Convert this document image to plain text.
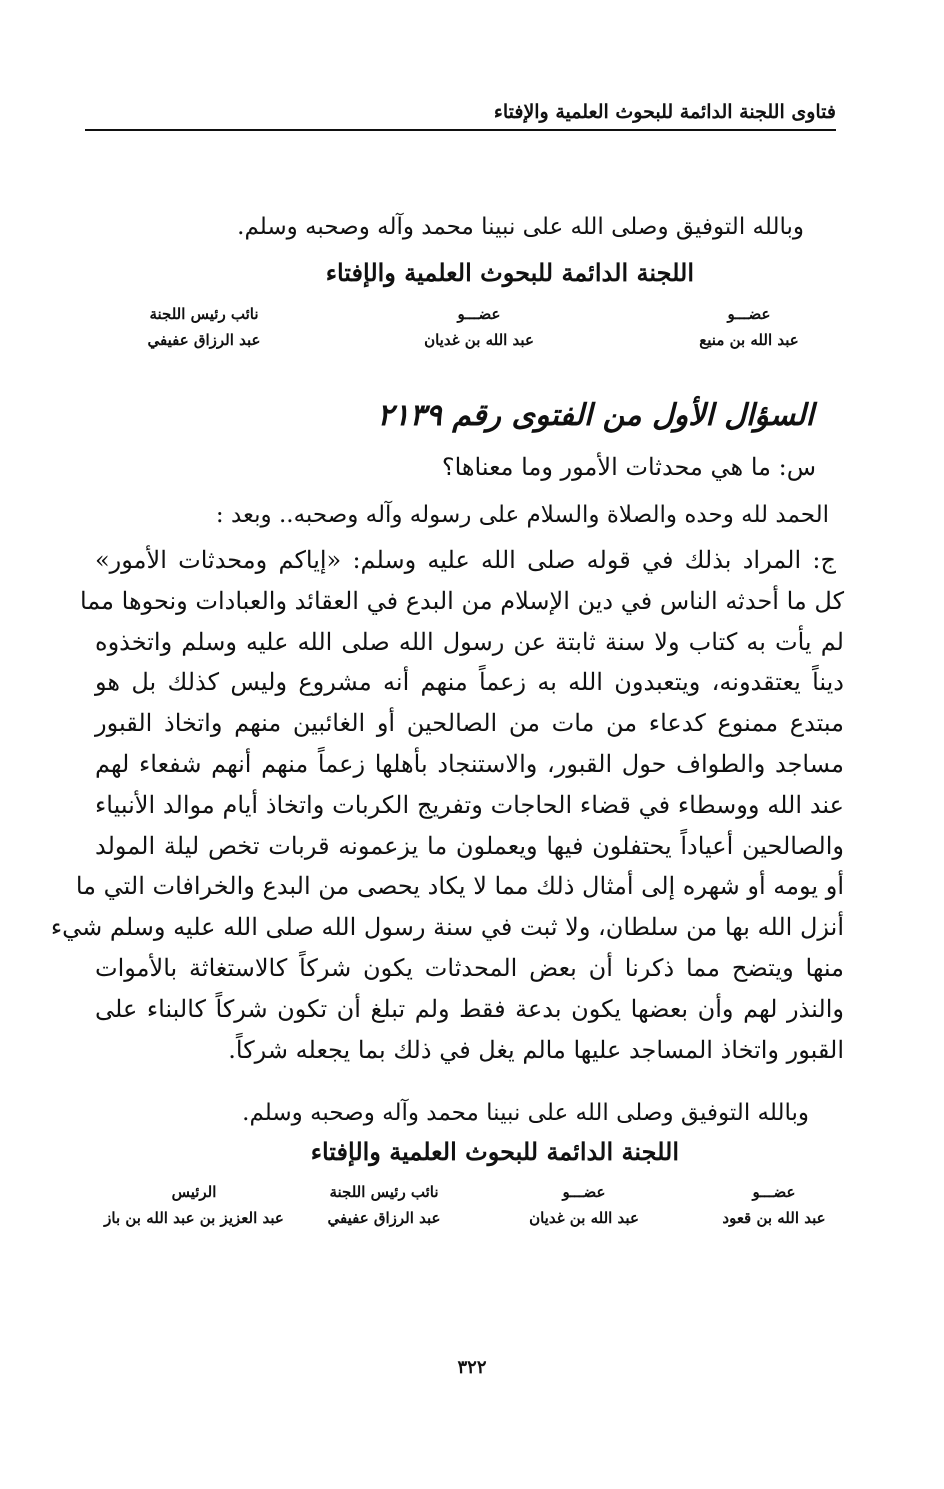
فتاوى اللجنة الدائمة للبحوث العلمية والإفتاء
وبالله التوفيق وصلى الله على نبينا محمد وآله وصحبه وسلم.
اللجنة الدائمة للبحوث العلمية والإفتاء
عضـــو
عبد الله بن منيع
عضـــو
عبد الله بن غديان
نائب رئيس اللجنة
عبد الرزاق عفيفي
السؤال الأول من الفتوى رقم ٢١٣٩
س: ما هي محدثات الأمور وما معناها؟
الحمد لله وحده والصلاة والسلام على رسوله وآله وصحبه.. وبعد :
ج: المراد بذلك في قوله صلى الله عليه وسلم: «إياكم ومحدثات الأمور»
كل ما أحدثه الناس في دين الإسلام من البدع في العقائد والعبادات ونحوها مما
لم يأت به كتاب ولا سنة ثابتة عن رسول الله صلى الله عليه وسلم واتخذوه
ديناً يعتقدونه، ويتعبدون الله به زعماً منهم أنه مشروع وليس كذلك بل هو
مبتدع ممنوع كدعاء من مات من الصالحين أو الغائبين منهم واتخاذ القبور
مساجد والطواف حول القبور، والاستنجاد بأهلها زعماً منهم أنهم شفعاء لهم
عند الله ووسطاء في قضاء الحاجات وتفريج الكربات واتخاذ أيام موالد الأنبياء
والصالحين أعياداً يحتفلون فيها ويعملون ما يزعمونه قربات تخص ليلة المولد
أو يومه أو شهره إلى أمثال ذلك مما لا يكاد يحصى من البدع والخرافات التي ما
أنزل الله بها من سلطان، ولا ثبت في سنة رسول الله صلى الله عليه وسلم شيء
منها ويتضح مما ذكرنا أن بعض المحدثات يكون شركاً كالاستغاثة بالأموات
والنذر لهم وأن بعضها يكون بدعة فقط ولم تبلغ أن تكون شركاً كالبناء على
القبور واتخاذ المساجد عليها مالم يغل في ذلك بما يجعله شركاً.
وبالله التوفيق وصلى الله على نبينا محمد وآله وصحبه وسلم.
اللجنة الدائمة للبحوث العلمية والإفتاء
عضـــو
عبد الله بن قعود
عضـــو
عبد الله بن غديان
نائب رئيس اللجنة
عبد الرزاق عفيفي
الرئيس
عبد العزيز بن عبد الله بن باز
٣٢٢
